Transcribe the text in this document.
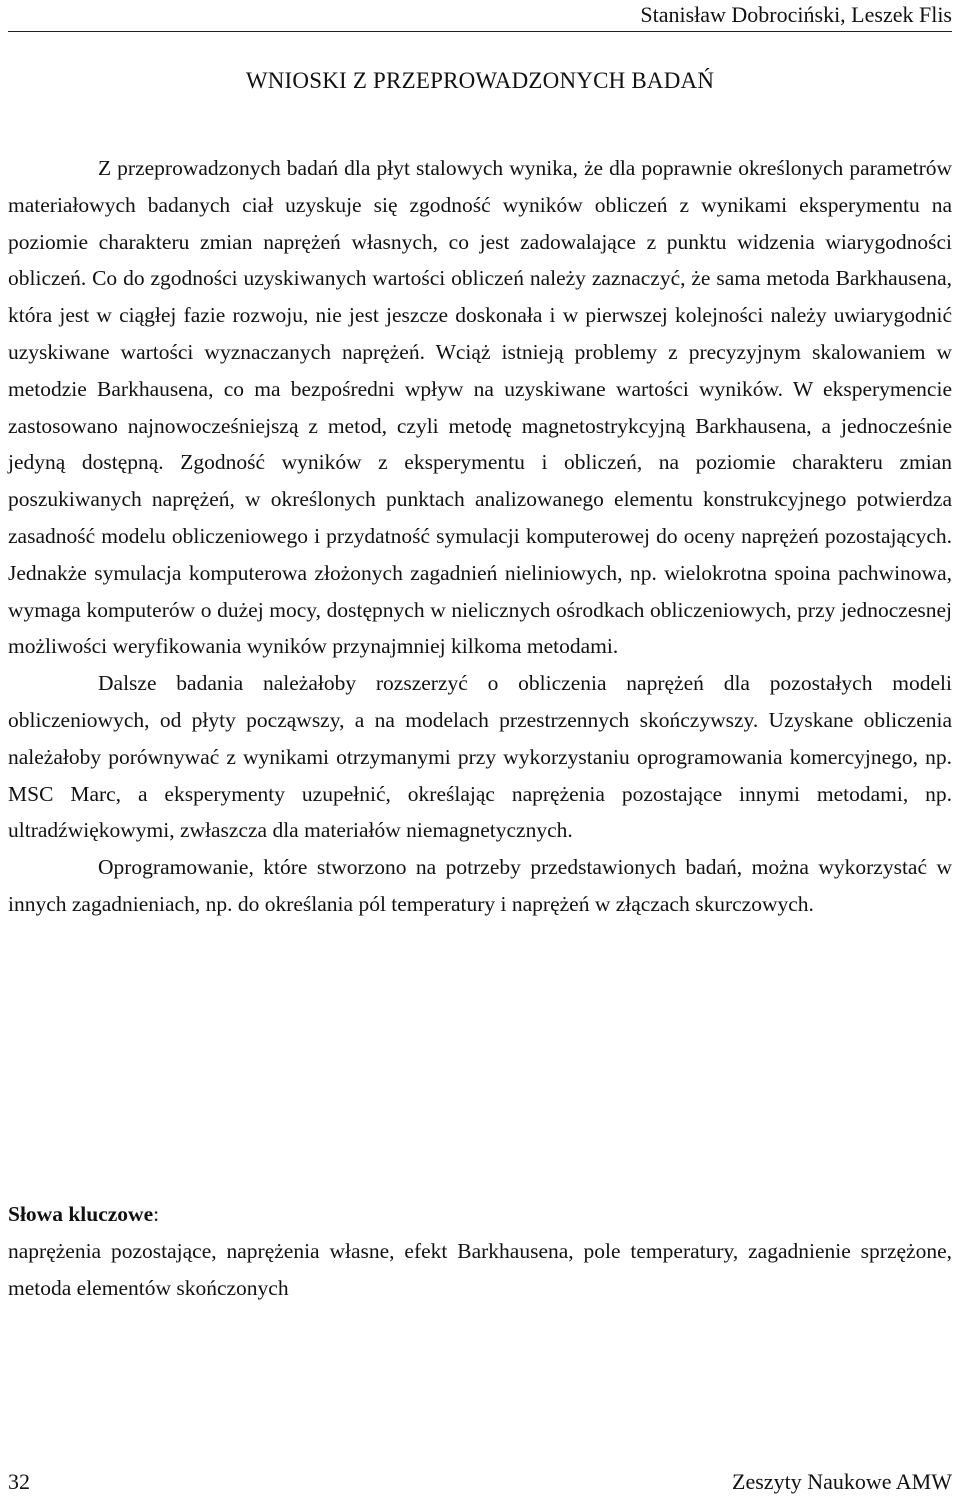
Stanisław Dobrociński, Leszek Flis
WNIOSKI Z PRZEPROWADZONYCH BADAŃ

Z przeprowadzonych badań dla płyt stalowych wynika, że dla poprawnie określonych parametrów materiałowych badanych ciał uzyskuje się zgodność wyników obliczeń z wynikami eksperymentu na poziomie charakteru zmian naprężeń własnych, co jest zadowalające z punktu widzenia wiarygodności obliczeń. Co do zgodności uzyskiwanych wartości obliczeń należy zaznaczyć, że sama metoda Barkhausena, która jest w ciągłej fazie rozwoju, nie jest jeszcze doskonała i w pierwszej kolejności należy uwiarygodnić uzyskiwane wartości wyznaczanych naprężeń. Wciąż istnieją problemy z precyzyjnym skalowaniem w metodzie Barkhausena, co ma bezpośredni wpływ na uzyskiwane wartości wyników. W eksperymencie zastosowano najnowocześniejszą z metod, czyli metodę magnetostrykcyjną Barkhausena, a jednocześnie jedyną dostępną. Zgodność wyników z eksperymentu i obliczeń, na poziomie charakteru zmian poszukiwanych naprężeń, w określonych punktach analizowanego elementu konstrukcyjnego potwierdza zasadność modelu obliczeniowego i przydatność symulacji komputerowej do oceny naprężeń pozostających. Jednakże symulacja komputerowa złożonych zagadnień nieliniowych, np. wielokrotna spoina pachwinowa, wymaga komputerów o dużej mocy, dostępnych w nielicznych ośrodkach obliczeniowych, przy jednoczesnej możliwości weryfikowania wyników przynajmniej kilkoma metodami.

Dalsze badania należałoby rozszerzyć o obliczenia naprężeń dla pozostałych modeli obliczeniowych, od płyty począwszy, a na modelach przestrzennych skończywszy. Uzyskane obliczenia należałoby porównywać z wynikami otrzymanymi przy wykorzystaniu oprogramowania komercyjnego, np. MSC Marc, a eksperymenty uzupełnić, określając naprężenia pozostające innymi metodami, np. ultradźwiękowymi, zwłaszcza dla materiałów niemagnetycznych.

Oprogramowanie, które stworzono na potrzeby przedstawionych badań, można wykorzystać w innych zagadnieniach, np. do określania pól temperatury i naprężeń w złączach skurczowych.

Słowa kluczowe:

naprężenia pozostające, naprężenia własne, efekt Barkhausena, pole temperatury, zagadnienie sprzężone, metoda elementów skończonych

32	Zeszyty Naukowe AMW
